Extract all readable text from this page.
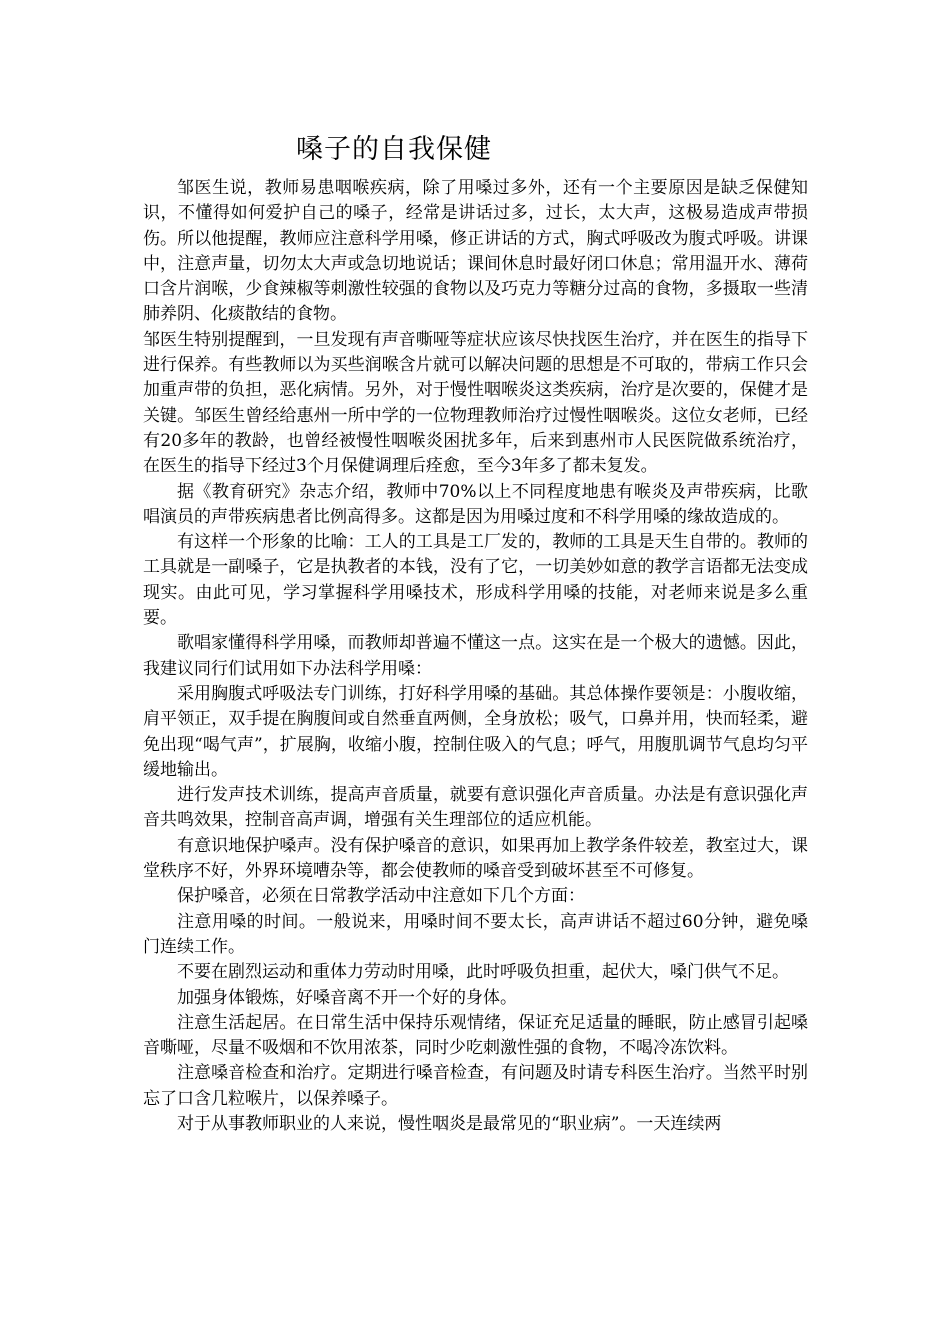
嗓子的自我保健

邹医生说，教师易患咽喉疾病，除了用嗓过多外，还有一个主要原因是缺乏保健知识，不懂得如何爱护自己的嗓子，经常是讲话过多，过长，太大声，这极易造成声带损伤。所以他提醒，教师应注意科学用嗓，修正讲话的方式，胸式呼吸改为腹式呼吸。讲课中，注意声量，切勿太大声或急切地说话；课间休息时最好闭口休息；常用温开水、薄荷口含片润喉，少食辣椒等刺激性较强的食物以及巧克力等糖分过高的食物，多摄取一些清肺养阴、化痰散结的食物。

邹医生特别提醒到，一旦发现有声音嘶哑等症状应该尽快找医生治疗，并在医生的指导下进行保养。有些教师以为买些润喉含片就可以解决问题的思想是不可取的，带病工作只会加重声带的负担，恶化病情。另外，对于慢性咽喉炎这类疾病，治疗是次要的，保健才是关键。邹医生曾经给惠州一所中学的一位物理教师治疗过慢性咽喉炎。这位女老师，已经有20多年的教龄，也曾经被慢性咽喉炎困扰多年，后来到惠州市人民医院做系统治疗，在医生的指导下经过3个月保健调理后痊愈，至今3年多了都未复发。

据《教育研究》杂志介绍，教师中70%以上不同程度地患有喉炎及声带疾病，比歌唱演员的声带疾病患者比例高得多。这都是因为用嗓过度和不科学用嗓的缘故造成的。

有这样一个形象的比喻：工人的工具是工厂发的，教师的工具是天生自带的。教师的工具就是一副嗓子，它是执教者的本钱，没有了它，一切美妙如意的教学言语都无法变成现实。由此可见，学习掌握科学用嗓技术，形成科学用嗓的技能，对老师来说是多么重要。

歌唱家懂得科学用嗓，而教师却普遍不懂这一点。这实在是一个极大的遗憾。因此，我建议同行们试用如下办法科学用嗓：

采用胸腹式呼吸法专门训练，打好科学用嗓的基础。其总体操作要领是：小腹收缩，肩平领正，双手提在胸腹间或自然垂直两侧，全身放松；吸气，口鼻并用，快而轻柔，避免出现“喝气声”，扩展胸，收缩小腹，控制住吸入的气息；呼气，用腹肌调节气息均匀平缓地输出。

进行发声技术训练，提高声音质量，就要有意识强化声音质量。办法是有意识强化声音共鸣效果，控制音高声调，增强有关生理部位的适应机能。

有意识地保护嗓声。没有保护嗓音的意识，如果再加上教学条件较差，教室过大，课堂秩序不好，外界环境嘈杂等，都会使教师的嗓音受到破坏甚至不可修复。

保护嗓音，必须在日常教学活动中注意如下几个方面：

注意用嗓的时间。一般说来，用嗓时间不要太长，高声讲话不超过60分钟，避免嗓门连续工作。

不要在剧烈运动和重体力劳动时用嗓，此时呼吸负担重，起伏大，嗓门供气不足。

加强身体锻炼，好嗓音离不开一个好的身体。

注意生活起居。在日常生活中保持乐观情绪，保证充足适量的睡眠，防止感冒引起嗓音嘶哑，尽量不吸烟和不饮用浓茶，同时少吃刺激性强的食物，不喝冷冻饮料。

注意嗓音检查和治疗。定期进行嗓音检查，有问题及时请专科医生治疗。当然平时别忘了口含几粒喉片，以保养嗓子。

对于从事教师职业的人来说，慢性咽炎是最常见的“职业病”。一天连续两
